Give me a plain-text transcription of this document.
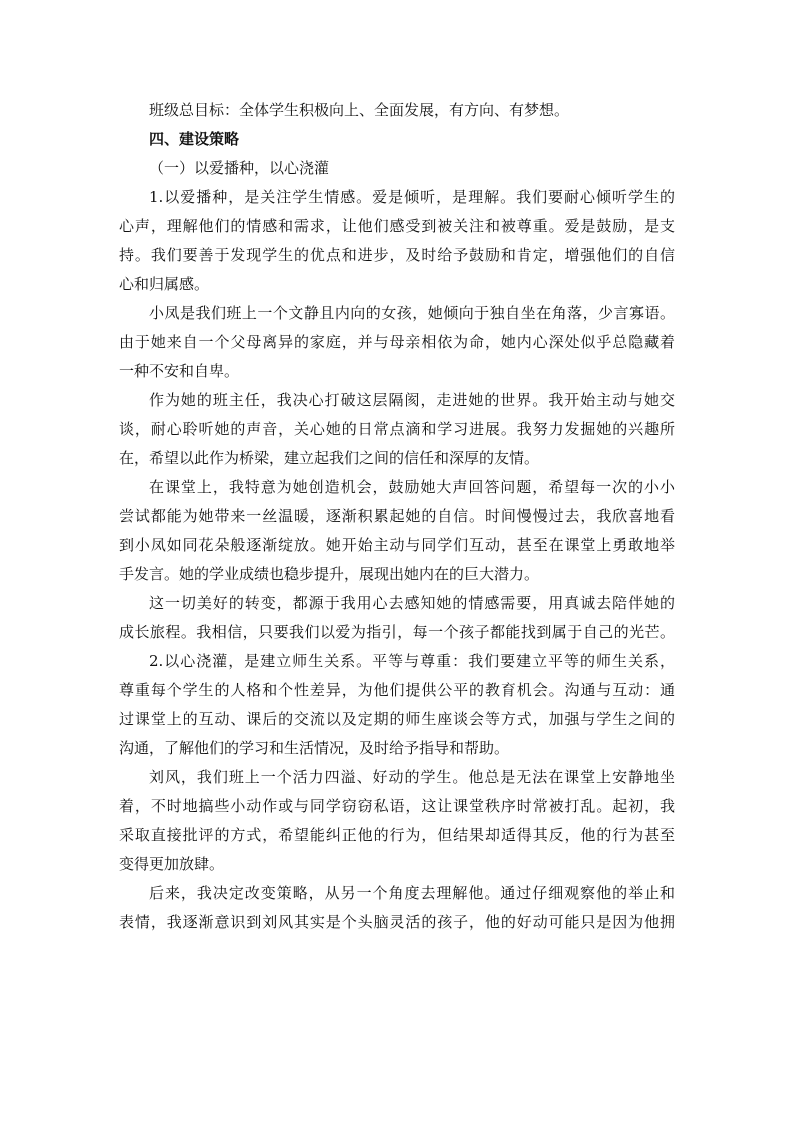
班级总目标：全体学生积极向上、全面发展，有方向、有梦想。
四、建设策略
（一）以爱播种，以心浇灌
1.以爱播种，是关注学生情感。爱是倾听，是理解。我们要耐心倾听学生的
心声，理解他们的情感和需求，让他们感受到被关注和被尊重。爱是鼓励，是支
持。我们要善于发现学生的优点和进步，及时给予鼓励和肯定，增强他们的自信
心和归属感。
小凤是我们班上一个文静且内向的女孩，她倾向于独自坐在角落，少言寡语。
由于她来自一个父母离异的家庭，并与母亲相依为命，她内心深处似乎总隐藏着
一种不安和自卑。
作为她的班主任，我决心打破这层隔阂，走进她的世界。我开始主动与她交
谈，耐心聆听她的声音，关心她的日常点滴和学习进展。我努力发掘她的兴趣所
在，希望以此作为桥梁，建立起我们之间的信任和深厚的友情。
在课堂上，我特意为她创造机会，鼓励她大声回答问题，希望每一次的小小
尝试都能为她带来一丝温暖，逐渐积累起她的自信。时间慢慢过去，我欣喜地看
到小凤如同花朵般逐渐绽放。她开始主动与同学们互动，甚至在课堂上勇敢地举
手发言。她的学业成绩也稳步提升，展现出她内在的巨大潜力。
这一切美好的转变，都源于我用心去感知她的情感需要，用真诚去陪伴她的
成长旅程。我相信，只要我们以爱为指引，每一个孩子都能找到属于自己的光芒。
2.以心浇灌，是建立师生关系。平等与尊重：我们要建立平等的师生关系，
尊重每个学生的人格和个性差异，为他们提供公平的教育机会。沟通与互动：通
过课堂上的互动、课后的交流以及定期的师生座谈会等方式，加强与学生之间的
沟通，了解他们的学习和生活情况，及时给予指导和帮助。
刘风，我们班上一个活力四溢、好动的学生。他总是无法在课堂上安静地坐
着，不时地搞些小动作或与同学窃窃私语，这让课堂秩序时常被打乱。起初，我
采取直接批评的方式，希望能纠正他的行为，但结果却适得其反，他的行为甚至
变得更加放肆。
后来，我决定改变策略，从另一个角度去理解他。通过仔细观察他的举止和
表情，我逐渐意识到刘风其实是个头脑灵活的孩子，他的好动可能只是因为他拥
